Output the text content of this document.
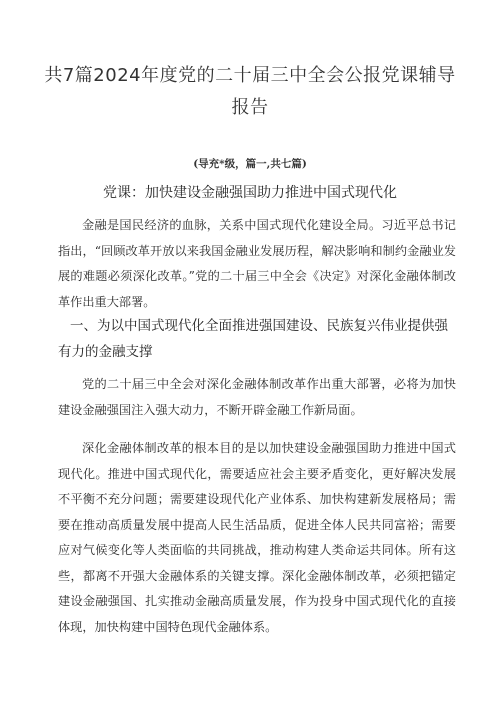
共7篇2024年度党的二十届三中全会公报党课辅导报告
(导充*级，篇一,共七篇)
党课：加快建设金融强国助力推进中国式现代化
金融是国民经济的血脉，关系中国式现代化建设全局。习近平总书记指出，“回顾改革开放以来我国金融业发展历程，解决影响和制约金融业发展的难题必须深化改革。”党的二十届三中全会《决定》对深化金融体制改革作出重大部署。
一、为以中国式现代化全面推进强国建设、民族复兴伟业提供强有力的金融支撑
党的二十届三中全会对深化金融体制改革作出重大部署，必将为加快建设金融强国注入强大动力，不断开辟金融工作新局面。
深化金融体制改革的根本目的是以加快建设金融强国助力推进中国式现代化。推进中国式现代化，需要适应社会主要矛盾变化，更好解决发展不平衡不充分问题；需要建设现代化产业体系、加快构建新发展格局；需要在推动高质量发展中提高人民生活品质，促进全体人民共同富裕；需要应对气候变化等人类面临的共同挑战，推动构建人类命运共同体。所有这些，都离不开强大金融体系的关键支撑。深化金融体制改革，必须把锚定建设金融强国、扎实推动金融高质量发展，作为投身中国式现代化的直接体现，加快构建中国特色现代金融体系。
